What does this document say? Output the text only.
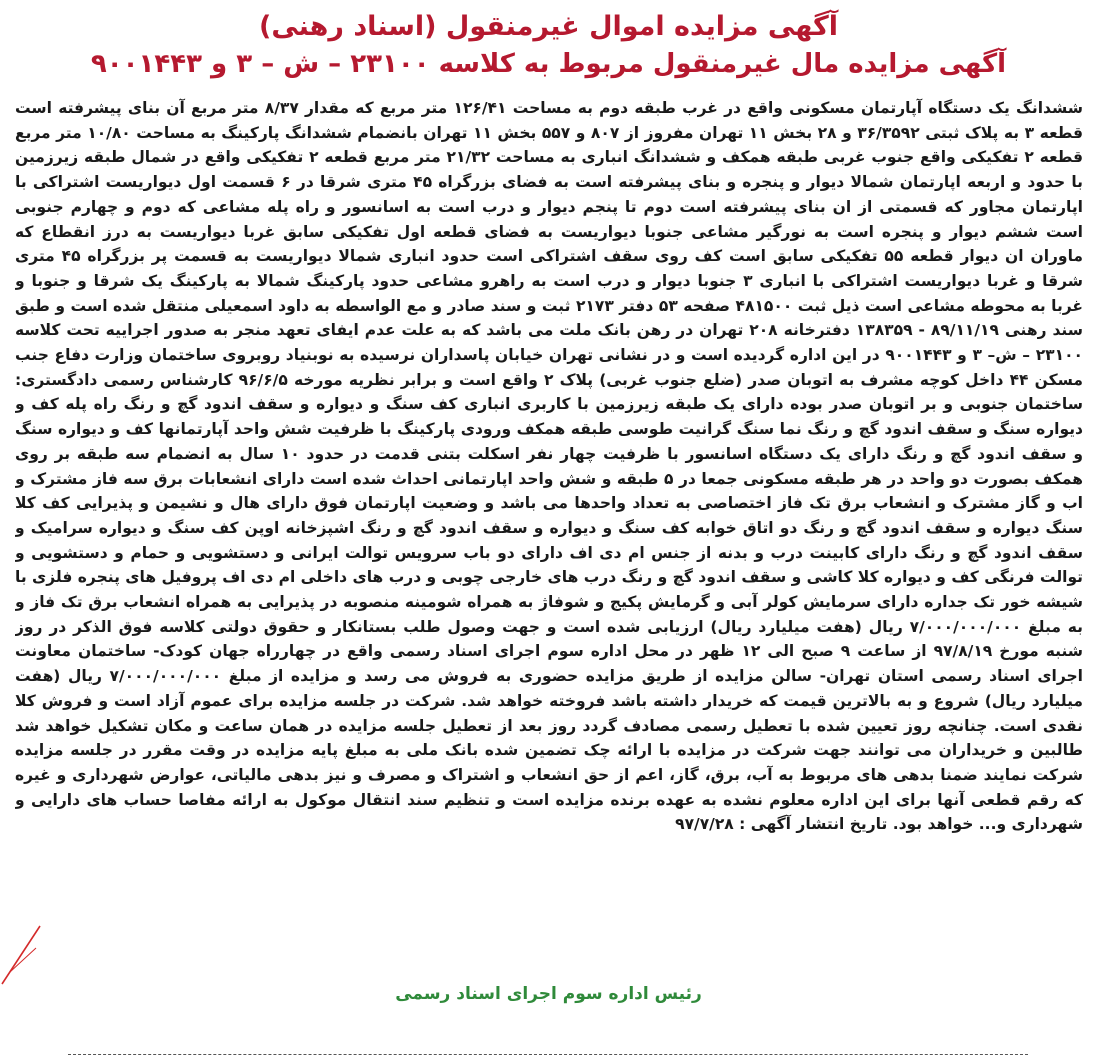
آگهی مزایده اموال غیرمنقول (اسناد رهنی)
آگهی مزایده مال غیرمنقول مربوط به کلاسه ۲۳۱۰۰ – ش – ۳ و ۹۰۰۱۴۴۳

ششدانگ یک دستگاه آپارتمان مسکونی واقع در غرب طبقه دوم به مساحت ۱۲۶/۴۱ متر مربع که مقدار ۸/۳۷ متر مربع آن بنای پیشرفته است قطعه ۳ به پلاک ثبتی ۳۶/۳۵۹۲ و ۲۸ بخش ۱۱ تهران مفروز از ۸۰۷ و ۵۵۷ بخش ۱۱ تهران بانضمام ششدانگ پارکینگ به مساحت ۱۰/۸۰ متر مربع قطعه ۲ تفکیکی واقع جنوب غربی طبقه همکف و ششدانگ انباری به مساحت ۲۱/۳۲ متر مربع قطعه ۲ تفکیکی واقع در شمال طبقه زیرزمین با حدود و اربعه اپارتمان شمالا دیوار و پنجره و بنای پیشرفته است به فضای بزرگراه ۴۵ متری شرقا در ۶ قسمت اول دیواریست اشتراکی با اپارتمان مجاور که قسمتی از ان بنای پیشرفته است دوم تا پنجم دیوار و درب است به اسانسور و راه پله مشاعی که دوم و چهارم جنوبی است ششم دیوار و پنجره است به نورگیر مشاعی جنوبا دیواریست به فضای قطعه اول تفکیکی سابق غربا دیواریست به درز انقطاع که ماوران ان دیوار قطعه ۵۵ تفکیکی سابق است کف روی سقف اشتراکی است حدود انباری شمالا دیواریست به قسمت پر بزرگراه ۴۵ متری شرقا و غربا دیواریست اشتراکی با انباری ۳ جنوبا دیوار و درب است به راهرو مشاعی حدود پارکینگ شمالا به پارکینگ یک شرقا و جنوبا و غربا به محوطه مشاعی است ذیل ثبت ۴۸۱۵۰۰ صفحه ۵۳ دفتر ۲۱۷۳ ثبت و سند صادر و مع الواسطه به داود اسمعیلی منتقل شده است و طبق سند رهنی ۸۹/۱۱/۱۹ - ۱۳۸۳۵۹ دفترخانه ۲۰۸ تهران در رهن بانک ملت می باشد که به علت عدم ایفای تعهد منجر به صدور اجراییه تحت کلاسه ۲۳۱۰۰ – ش– ۳ و ۹۰۰۱۴۴۳ در این اداره گردیده است و در نشانی تهران خیابان پاسداران نرسیده به نوبنیاد روبروی ساختمان وزارت دفاع جنب مسکن ۴۴ داخل کوچه مشرف به اتوبان صدر (ضلع جنوب غربی) پلاک ۲ واقع است و برابر نظریه مورخه ۹۶/۶/۵ کارشناس رسمی دادگستری: ساختمان جنوبی و بر اتوبان صدر بوده دارای یک طبقه زیرزمین با کاربری انباری کف سنگ و دیواره و سقف اندود گچ و رنگ راه پله کف و دیواره سنگ و سقف اندود گچ و رنگ نما سنگ گرانیت طوسی طبقه همکف ورودی پارکینگ با ظرفیت شش واحد آپارتمانها کف و دیواره سنگ و سقف اندود گچ و رنگ دارای یک دستگاه اسانسور با ظرفیت چهار نفر اسکلت بتنی قدمت در حدود ۱۰ سال به انضمام سه طبقه بر روی همکف بصورت دو واحد در هر طبقه مسکونی جمعا در ۵ طبقه و شش واحد اپارتمانی احداث شده است دارای انشعابات برق سه فاز مشترک و اب و گاز مشترک و انشعاب برق تک فاز اختصاصی به تعداد واحدها می باشد و وضعیت اپارتمان فوق دارای هال و نشیمن و پذیرایی کف کلا سنگ دیواره و سقف اندود گچ و رنگ دو اتاق خوابه کف سنگ و دیواره و سقف اندود گچ و رنگ اشپزخانه اوپن کف سنگ و دیواره سرامیک و سقف اندود گچ و رنگ دارای کابینت درب و بدنه از جنس ام دی اف دارای دو باب سرویس توالت ایرانی و دستشویی و حمام و دستشویی و توالت فرنگی کف و دیواره کلا کاشی و سقف اندود گچ و رنگ درب های خارجی چوبی و درب های داخلی ام دی اف پروفیل های پنجره فلزی با شیشه خور تک جداره دارای سرمایش کولر آبی و گرمایش پکیج و شوفاژ به همراه شومینه منصوبه در پذیرایی به همراه انشعاب برق تک فاز و به مبلغ ۷/۰۰۰/۰۰۰/۰۰۰ ریال (هفت میلیارد ریال) ارزیابی شده است و جهت وصول طلب بستانکار و حقوق دولتی کلاسه فوق الذکر در روز شنبه مورخ ۹۷/۸/۱۹ از ساعت ۹ صبح الی ۱۲ ظهر در محل اداره سوم اجرای اسناد رسمی واقع در چهارراه جهان کودک- ساختمان معاونت اجرای اسناد رسمی استان تهران- سالن مزایده از طریق مزایده حضوری به فروش می رسد و مزایده از مبلغ ۷/۰۰۰/۰۰۰/۰۰۰ ریال (هفت میلیارد ریال) شروع و به بالاترین قیمت که خریدار داشته باشد فروخته خواهد شد. شرکت در جلسه مزایده برای عموم آزاد است و فروش کلا نقدی است. چنانچه روز تعیین شده با تعطیل رسمی مصادف گردد روز بعد از تعطیل جلسه مزایده در همان ساعت و مکان تشکیل خواهد شد طالبین و خریداران می توانند جهت شرکت در مزایده با ارائه چک تضمین شده بانک ملی به مبلغ پایه مزایده در وقت مقرر در جلسه مزایده شرکت نمایند ضمنا بدهی های مربوط به آب، برق، گاز، اعم از حق انشعاب و اشتراک و مصرف و نیز بدهی مالیاتی، عوارض شهرداری و غیره که رقم قطعی آنها برای این اداره معلوم نشده به عهده برنده مزایده است و تنظیم سند انتقال موکول به ارائه مفاصا حساب های دارایی و شهرداری و... خواهد بود. تاریخ انتشار آگهی : ۹۷/۷/۲۸

رئیس اداره سوم اجرای اسناد رسمی
